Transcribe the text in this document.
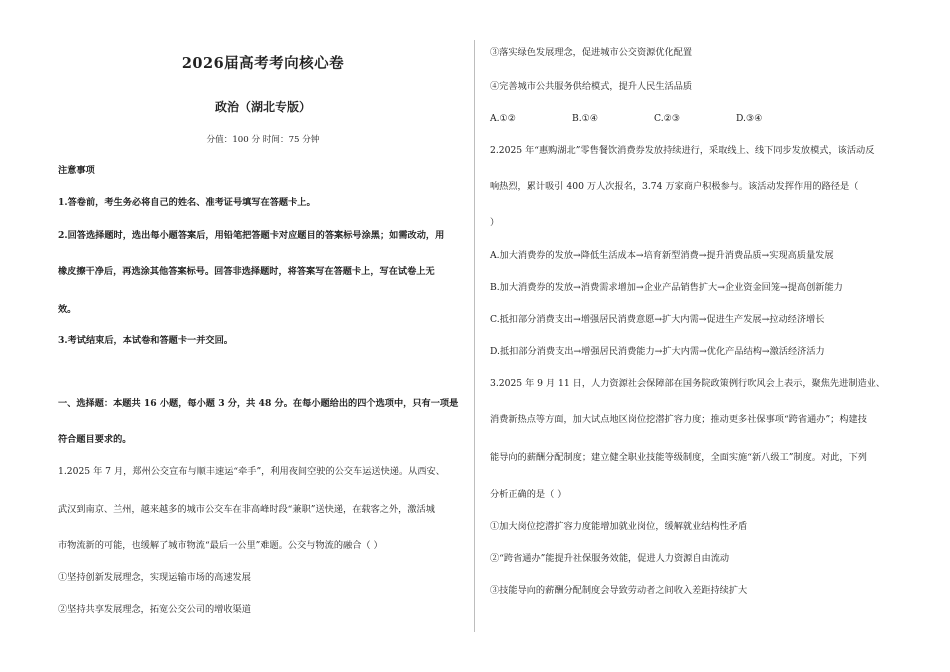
2026届高考考向核心卷
政治（湖北专版）
分值：100 分 时间：75 分钟
注意事项
1.答卷前，考生务必将自己的姓名、准考证号填写在答题卡上。
2.回答选择题时，选出每小题答案后，用铅笔把答题卡对应题目的答案标号涂黑；如需改动，用
橡皮擦干净后，再选涂其他答案标号。回答非选择题时，将答案写在答题卡上，写在试卷上无
效。
3.考试结束后，本试卷和答题卡一并交回。
一、选择题：本题共 16 小题，每小题 3 分，共 48 分。在每小题给出的四个选项中，只有一项是
符合题目要求的。
1.2025 年 7 月，郑州公交宣布与顺丰速运“牵手”，利用夜间空驶的公交车运送快递。从西安、
武汉到南京、兰州，越来越多的城市公交车在非高峰时段“兼职”送快递，在载客之外，激活城
市物流新的可能，也缓解了城市物流“最后一公里”难题。公交与物流的融合（ ）
①坚持创新发展理念，实现运输市场的高速发展
②坚持共享发展理念，拓宽公交公司的增收渠道
③落实绿色发展理念，促进城市公交资源优化配置
④完善城市公共服务供给模式，提升人民生活品质
A.①②	B.①④	C.②③	D.③④
2.2025 年“惠购湖北”零售餐饮消费券发放持续进行，采取线上、线下同步发放模式，该活动反
响热烈，累计吸引 400 万人次报名，3.74 万家商户积极参与。该活动发挥作用的路径是（
）
A.加大消费券的发放→降低生活成本→培育新型消费→提升消费品质→实现高质量发展
B.加大消费券的发放→消费需求增加→企业产品销售扩大→企业资金回笼→提高创新能力
C.抵扣部分消费支出→增强居民消费意愿→扩大内需→促进生产发展→拉动经济增长
D.抵扣部分消费支出→增强居民消费能力→扩大内需→优化产品结构→激活经济活力
3.2025 年 9 月 11 日，人力资源社会保障部在国务院政策例行吹风会上表示，聚焦先进制造业、
消费新热点等方面，加大试点地区岗位挖潜扩容力度；推动更多社保事项“跨省通办”；构建技
能导向的薪酬分配制度；建立健全职业技能等级制度，全面实施“新八级工”制度。对此，下列
分析正确的是（ ）
①加大岗位挖潜扩容力度能增加就业岗位，缓解就业结构性矛盾
②“跨省通办”能提升社保服务效能，促进人力资源自由流动
③技能导向的薪酬分配制度会导致劳动者之间收入差距持续扩大
